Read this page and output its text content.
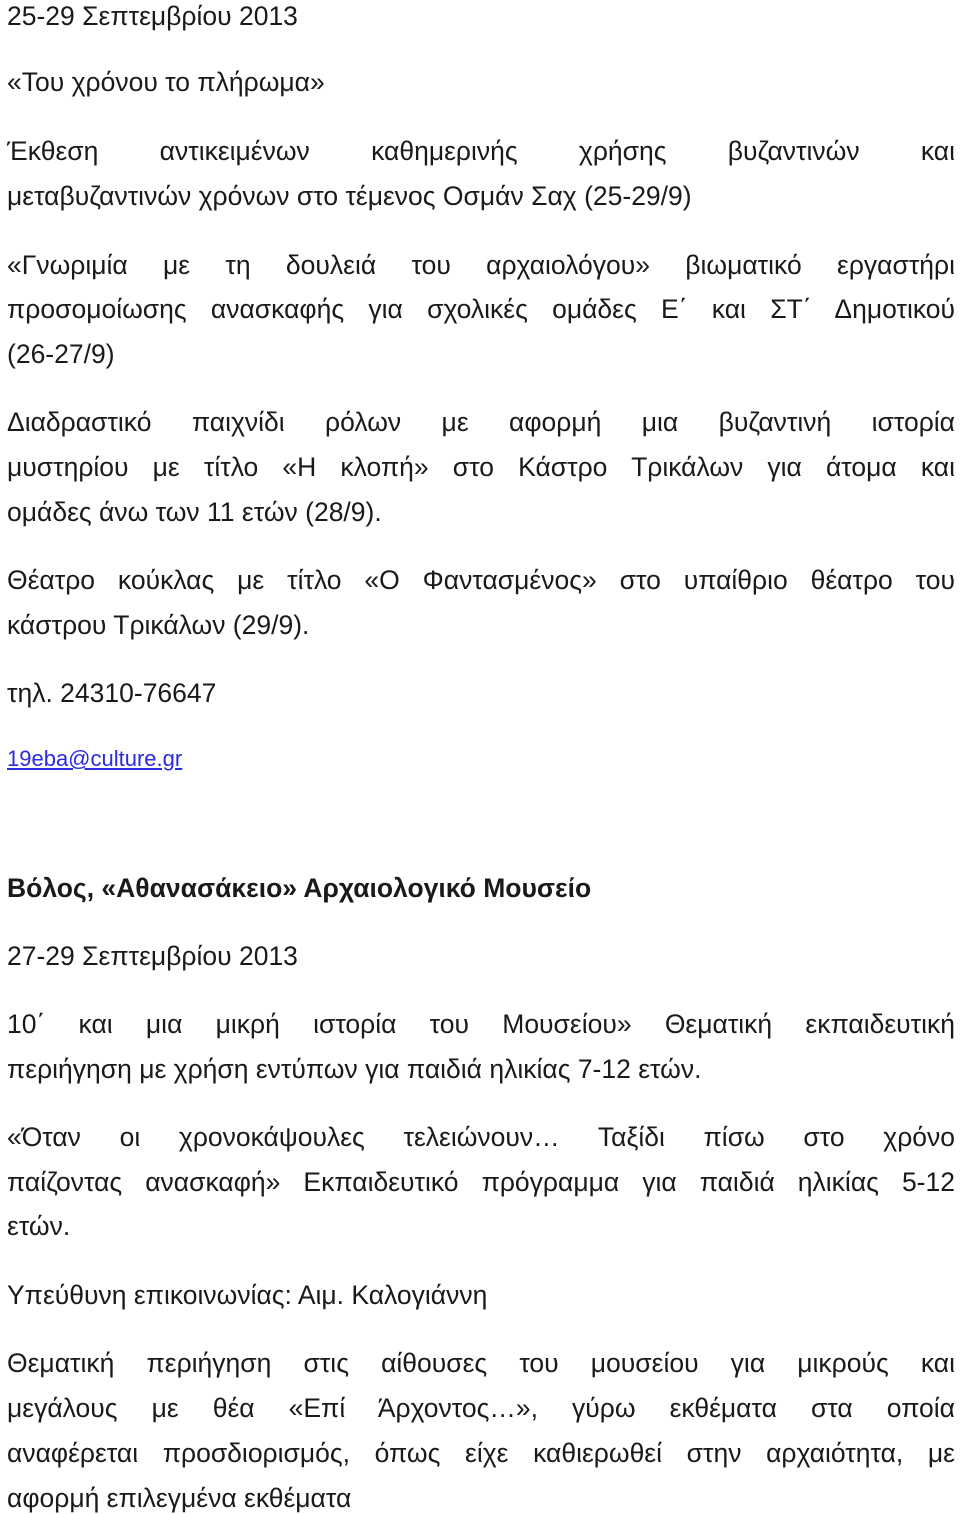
25-29 Σεπτεμβρίου 2013

«Του χρόνου το πλήρωμα»

Έκθεση αντικειμένων καθημερινής χρήσης βυζαντινών και

μεταβυζαντινών χρόνων στο τέμενος Οσμάν Σαχ (25-29/9)

«Γνωριμία με τη δουλειά του αρχαιολόγου» βιωματικό εργαστήρι

προσομοίωσης ανασκαφής για σχολικές ομάδες Ε΄ και ΣΤ΄ Δημοτικού

(26-27/9)

Διαδραστικό παιχνίδι ρόλων με αφορμή μια βυζαντινή ιστορία

μυστηρίου με τίτλο «Η κλοπή» στο Κάστρο Τρικάλων για άτομα και

ομάδες άνω των 11 ετών (28/9).

Θέατρο κούκλας με τίτλο «Ο Φαντασμένος» στο υπαίθριο θέατρο του

κάστρου Τρικάλων (29/9).

τηλ. 24310-76647

19eba@culture.gr

Βόλος, «Αθανασάκειο» Αρχαιολογικό Μουσείο

27-29 Σεπτεμβρίου 2013

10΄ και μια μικρή ιστορία του Μουσείου» Θεματική εκπαιδευτική

περιήγηση με χρήση εντύπων για παιδιά ηλικίας 7-12 ετών.

«Όταν οι χρονοκάψουλες τελειώνουν… Ταξίδι πίσω στο χρόνο

παίζοντας ανασκαφή» Εκπαιδευτικό πρόγραμμα για παιδιά ηλικίας 5-12

ετών.

Υπεύθυνη επικοινωνίας: Αιμ. Καλογιάννη

Θεματική περιήγηση στις αίθουσες του μουσείου για μικρούς και

μεγάλους με θέα «Επί Άρχοντος…», γύρω εκθέματα στα οποία

αναφέρεται προσδιορισμός, όπως είχε καθιερωθεί στην αρχαιότητα, με

αφορμή επιλεγμένα εκθέματα
